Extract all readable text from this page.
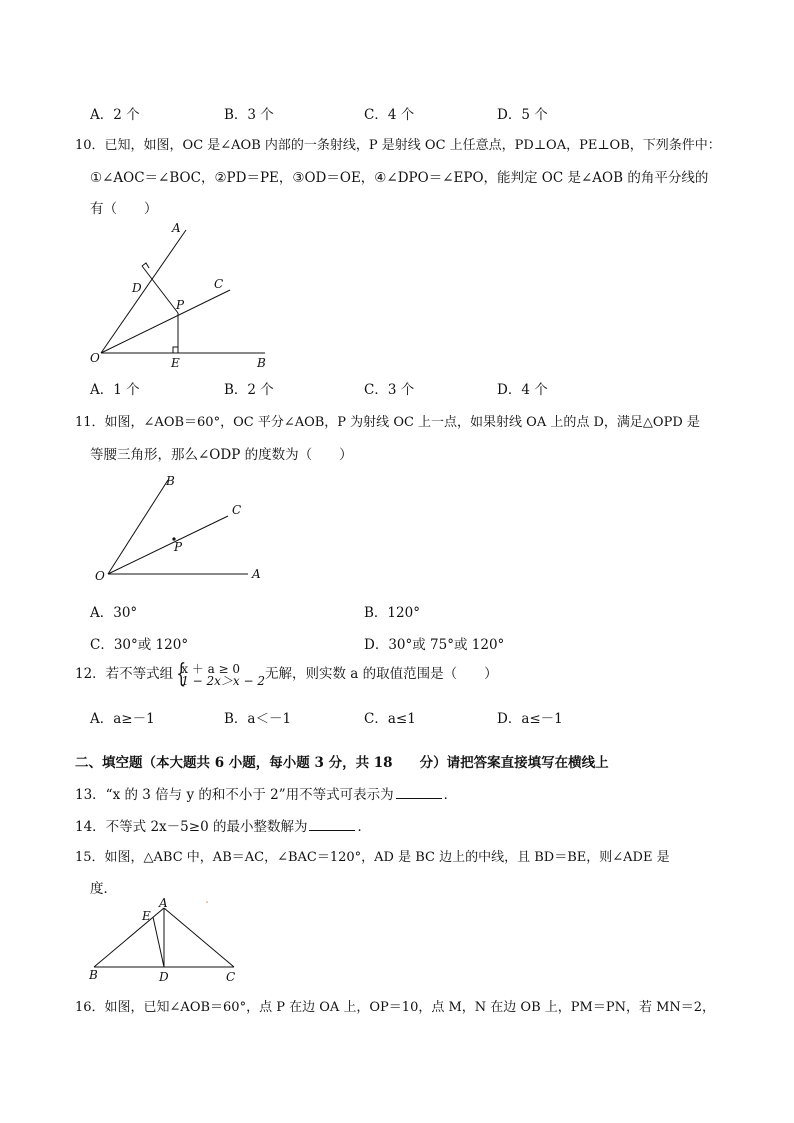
A．2 个	B．3 个	C．4 个	D．5 个
10．已知，如图，OC 是∠AOB 内部的一条射线，P 是射线 OC 上任意点，PD⊥OA，PE⊥OB，下列条件中：
①∠AOC＝∠BOC，②PD＝PE，③OD＝OE，④∠DPO＝∠EPO，能判定 OC 是∠AOB 的角平分线的
有（　　）
A
C
D
P
O	E	B
A．1 个	B．2 个	C．3 个	D．4 个
11．如图，∠AOB＝60°，OC 平分∠AOB，P 为射线 OC 上一点，如果射线 OA 上的点 D，满足△OPD 是
等腰三角形，那么∠ODP 的度数为（　　）
B
C
P
O	A
A．30°	B．120°
C．30°或 120°	D．30°或 75°或 120°
12．若不等式组
{ x ＋ a ≥ 0
1 − 2x＞x − 2 无解，则实数 a 的取值范围是（　　）
A．a≥－1	B．a＜－1	C．a≤1	D．a≤－1
二、填空题（本大题共 6 小题，每小题 3 分，共 18　　分）请把答案直接填写在横线上
13．“x 的 3 倍与 y 的和不小于 2”用不等式可表示为	．
14．不等式 2x－5≥0 的最小整数解为	．
15．如图，△ABC 中，AB＝AC，∠BAC＝120°，AD 是 BC 边上的中线，且 BD＝BE，则∠ADE 是
度．
A
E
B	D	C
16．如图，已知∠AOB＝60°，点 P 在边 OA 上，OP＝10，点 M，N 在边 OB 上，PM＝PN，若 MN＝2，
